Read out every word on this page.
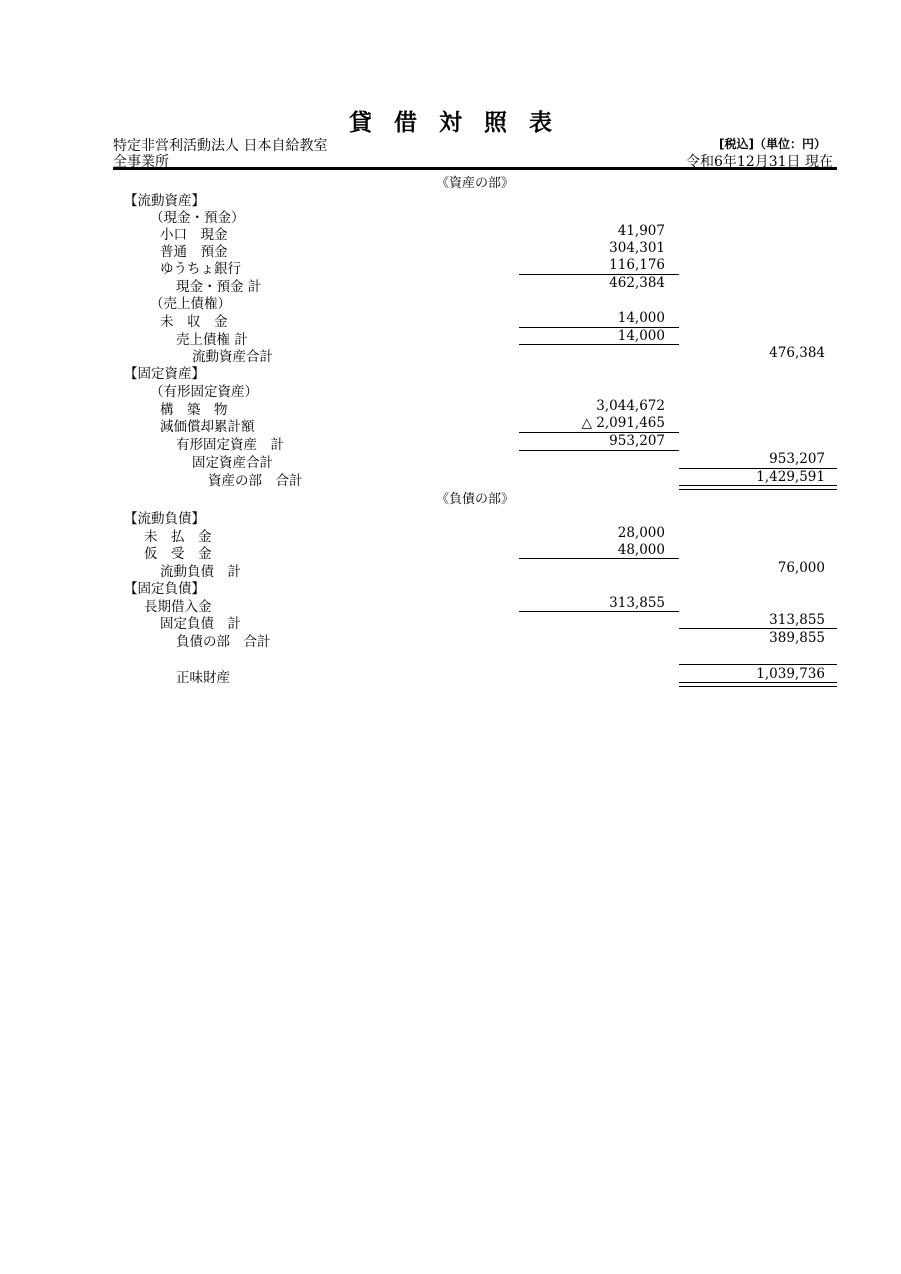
貸借対照表
特定非営利活動法人 日本自給教室
全事業所
[税込]（単位：円）
令和6年12月31日 現在
《資産の部》
【流動資産】
（現金・預金）
小口　現金	41,907
普通　預金	304,301
ゆうちょ銀行	116,176
現金・預金 計	462,384
（売上債権）
未　収　金	14,000
売上債権 計	14,000
流動資産合計	476,384
【固定資産】
（有形固定資産）
構　築　物	3,044,672
減価償却累計額	△ 2,091,465
有形固定資産　計	953,207
固定資産合計	953,207
資産の部　合計	1,429,591
《負債の部》
【流動負債】
未　払　金	28,000
仮　受　金	48,000
流動負債　計	76,000
【固定負債】
長期借入金	313,855
固定負債　計	313,855
負債の部　合計	389,855
正味財産	1,039,736
